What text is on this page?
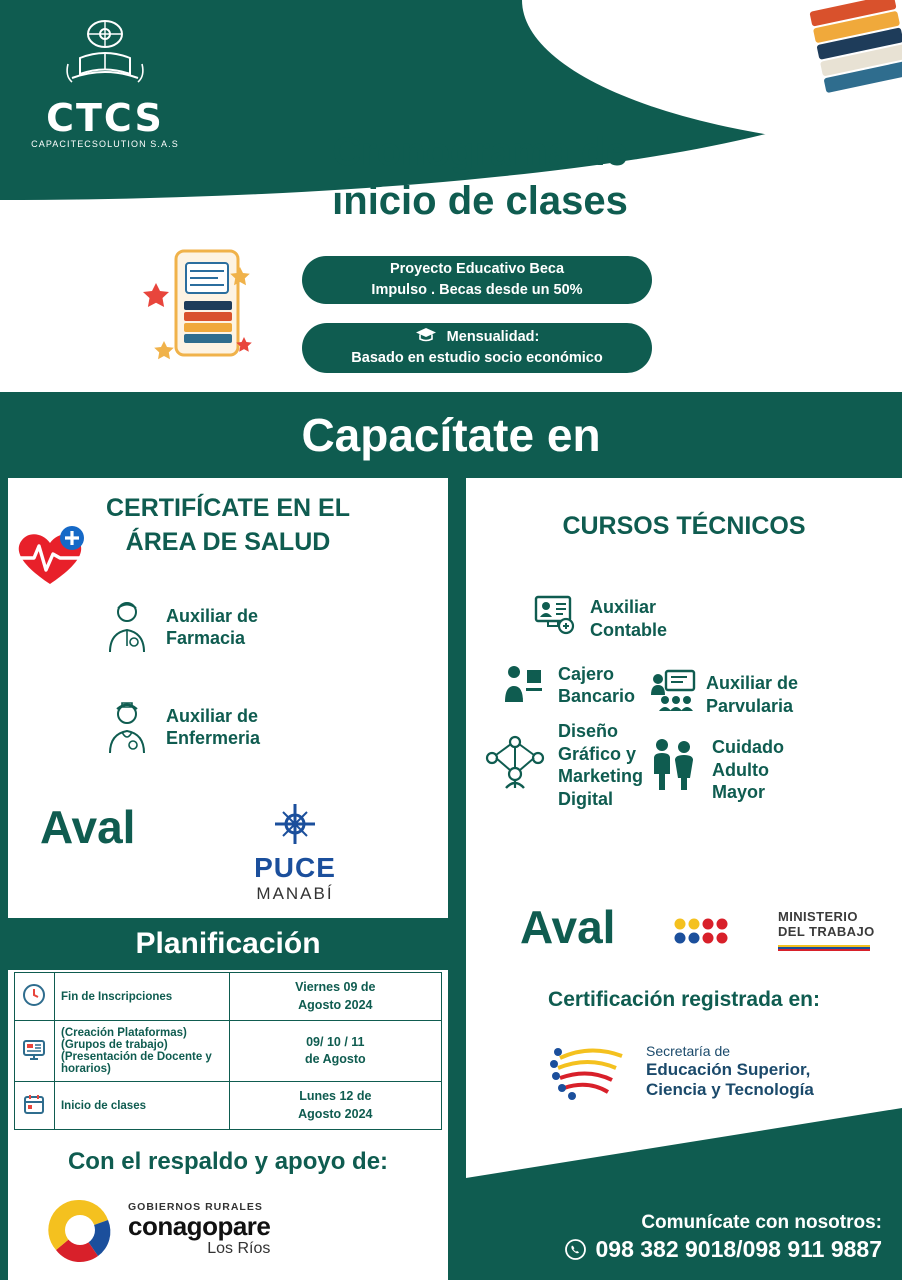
CTCS
CAPACITECSOLUTION S.A.S	Cronograma de
inicio de clases
Proyecto Educativo Beca
Impulso . Becas desde un 50%
Mensualidad:
Basado en estudio socio económico
Capacítate en
CERTIFÍCATE EN EL
ÁREA DE SALUD
Auxiliar de
Farmacia
Auxiliar de
Enfermeria
Aval
PUCE
MANABÍ
Planificación
	Fin de Inscripciones	Viernes 09 de
Agosto 2024

	(Creación Plataformas) (Grupos de trabajo) (Presentación de Docente y horarios)	09/ 10 / 11
de Agosto

	Inicio de clases	Lunes 12 de
Agosto 2024
Con el respaldo y apoyo de:
GOBIERNOS RURALES
conagopare
Los Ríos
CURSOS TÉCNICOS
Auxiliar
Contable
Cajero
Bancario
Auxiliar de
Parvularia
Diseño
Gráfico y
Marketing
Digital
Cuidado
Adulto
Mayor
Aval	MINISTERIO
DEL TRABAJO
Certificación registrada en:
Secretaría de
Educación Superior,
Ciencia y Tecnología
Comunícate con nosotros:
098 382 9018/098 911 9887
